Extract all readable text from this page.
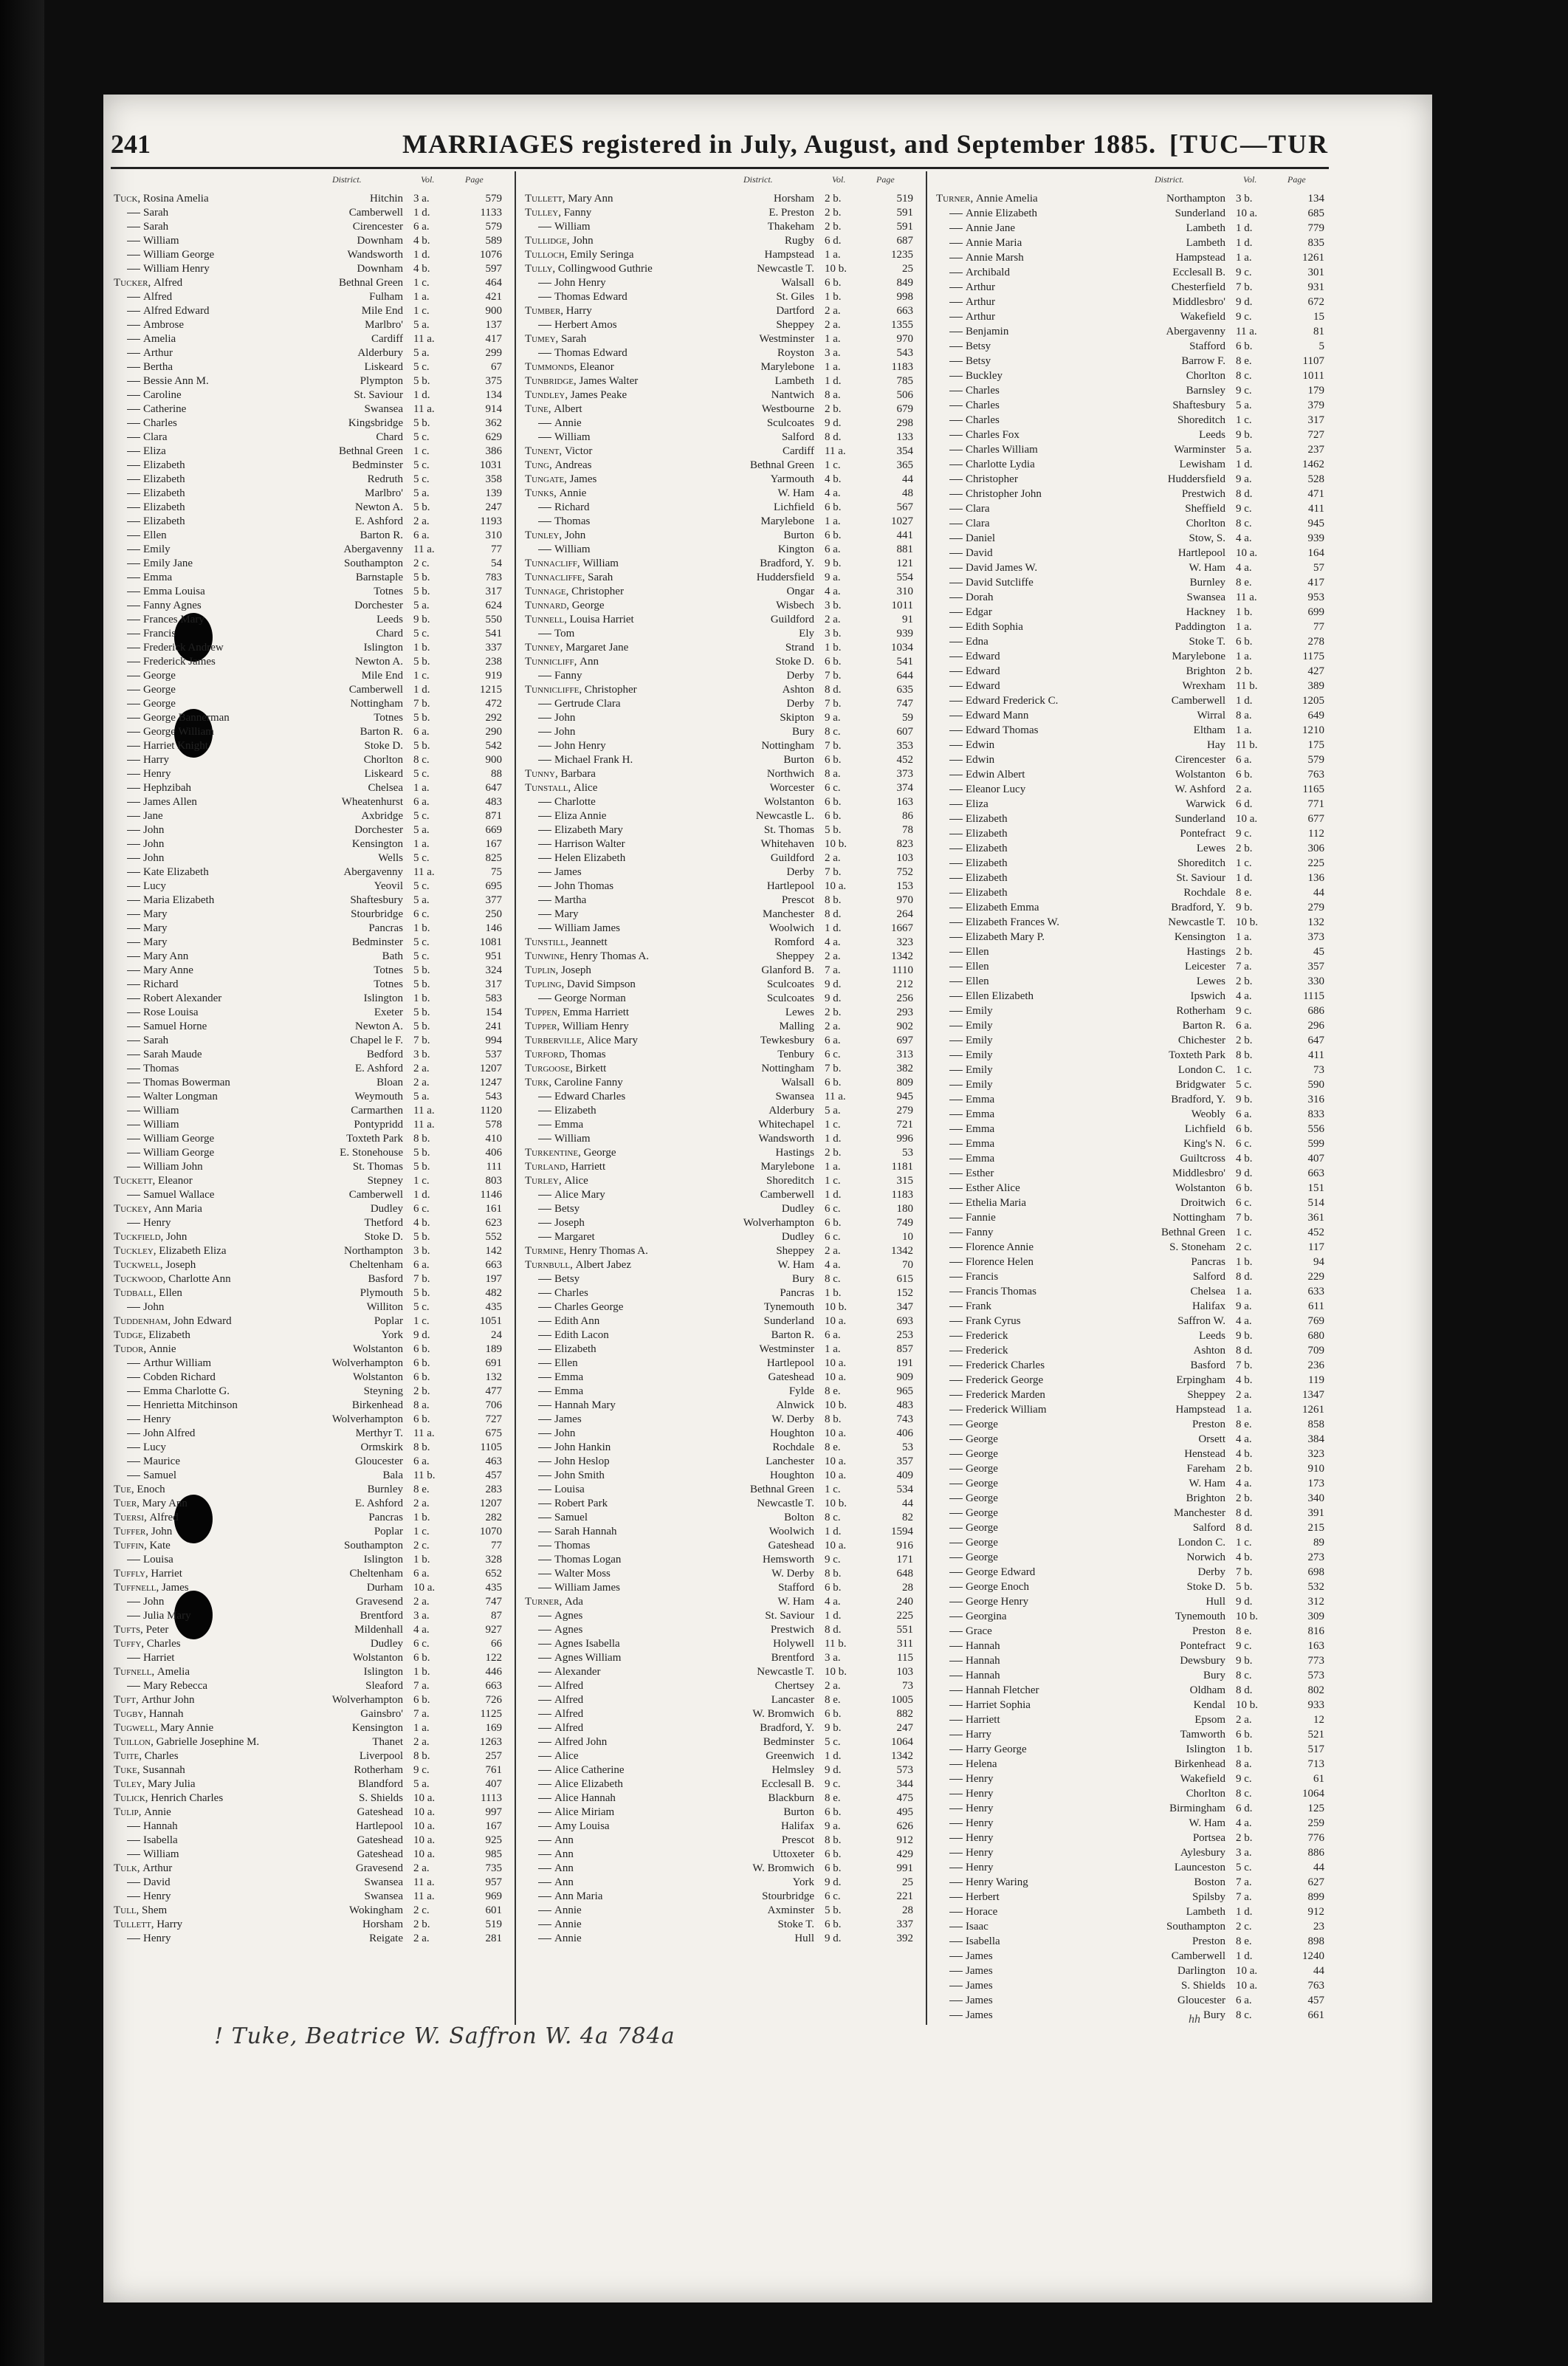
241	MARRIAGES registered in July, August, and September 1885. [TUC—TUR
District.	Vol.	Page
Tuck, Rosina Amelia	Hitchin 3 a.	579
Sarah	Camberwell 1 d.	1133
Sarah	Cirencester 6 a.	579
William	Downham 4 b.	589
William George	Wandsworth 1 d.	1076
William Henry	Downham 4 b.	597
Tucker, Alfred	Bethnal Green 1 c.	464
Alfred	Fulham 1 a.	421
Alfred Edward	Mile End 1 c.	900
Ambrose	Marlbro' 5 a.	137
Amelia	Cardiff 11 a.	417
Arthur	Alderbury 5 a.	299
Bertha	Liskeard 5 c.	67
Bessie Ann M.	Plympton 5 b.	375
Caroline	St. Saviour 1 d.	134
Catherine	Swansea 11 a.	914
Charles	Kingsbridge 5 b.	362
Clara	Chard 5 c.	629
Eliza	Bethnal Green 1 c.	386
Elizabeth	Bedminster 5 c.	1031
Elizabeth	Redruth 5 c.	358
Elizabeth	Marlbro' 5 a.	139
Elizabeth	Newton A. 5 b.	247
Elizabeth	E. Ashford 2 a.	1193
Ellen	Barton R. 6 a.	310
Emily	Abergavenny 11 a.	77
Emily Jane	Southampton 2 c.	54
Emma	Barnstaple 5 b.	783
Emma Louisa	Totnes 5 b.	317
Fanny Agnes	Dorchester 5 a.	624
Frances Mary	Leeds 9 b.	550
Francis	Chard 5 c.	541
Frederick Andrew	Islington 1 b.	337
Frederick James	Newton A. 5 b.	238
George	Mile End 1 c.	919
George	Camberwell 1 d.	1215
George	Nottingham 7 b.	472
George Bannerman	Totnes 5 b.	292
George William	Barton R. 6 a.	290
Harriet Knight	Stoke D. 5 b.	542
Harry	Chorlton 8 c.	900
Henry	Liskeard 5 c.	88
Hephzibah	Chelsea 1 a.	647
James Allen	Wheatenhurst 6 a.	483
Jane	Axbridge 5 c.	871
John	Dorchester 5 a.	669
John	Kensington 1 a.	167
John	Wells 5 c.	825
Kate Elizabeth	Abergavenny 11 a.	75
Lucy	Yeovil 5 c.	695
Maria Elizabeth	Shaftesbury 5 a.	377
Mary	Stourbridge 6 c.	250
Mary	Pancras 1 b.	146
Mary	Bedminster 5 c.	1081
Mary Ann	Bath 5 c.	951
Mary Anne	Totnes 5 b.	324
Richard	Totnes 5 b.	317
Robert Alexander	Islington 1 b.	583
Rose Louisa	Exeter 5 b.	154
Samuel Horne	Newton A. 5 b.	241
Sarah	Chapel le F. 7 b.	994
Sarah Maude	Bedford 3 b.	537
Thomas	E. Ashford 2 a.	1207
Thomas Bowerman	Bloan 2 a.	1247
Walter Longman	Weymouth 5 a.	543
William	Carmarthen 11 a.	1120
William	Pontypridd 11 a.	578
William George	Toxteth Park 8 b.	410
William George	E. Stonehouse 5 b.	406
William John	St. Thomas 5 b.	111
Tuckett, Eleanor	Stepney 1 c.	803
Samuel Wallace	Camberwell 1 d.	1146
Tuckey, Ann Maria	Dudley 6 c.	161
Henry	Thetford 4 b.	623
Tuckfield, John	Stoke D. 5 b.	552
Tuckley, Elizabeth Eliza	Northampton 3 b.	142
Tuckwell, Joseph	Cheltenham 6 a.	663
Tuckwood, Charlotte Ann	Basford 7 b.	197
Tudball, Ellen	Plymouth 5 b.	482
John	Williton 5 c.	435
Tuddenham, John Edward	Poplar 1 c.	1051
Tudge, Elizabeth	York 9 d.	24
Tudor, Annie	Wolstanton 6 b.	189
Arthur William	Wolverhampton 6 b.	691
Cobden Richard	Wolstanton 6 b.	132
Emma Charlotte G.	Steyning 2 b.	477
Henrietta Mitchinson	Birkenhead 8 a.	706
Henry	Wolverhampton 6 b.	727
John Alfred	Merthyr T. 11 a.	675
Lucy	Ormskirk 8 b.	1105
Maurice	Gloucester 6 a.	463
Samuel	Bala 11 b.	457
Tue, Enoch	Burnley 8 e.	283
Tuer, Mary Ann	E. Ashford 2 a.	1207
Tuersi, Alfred	Pancras 1 b.	282
Tuffer, John	Poplar 1 c.	1070
Tuffin, Kate	Southampton 2 c.	77
Louisa	Islington 1 b.	328
Tuffly, Harriet	Cheltenham 6 a.	652
Tuffnell, James	Durham 10 a.	435
John	Gravesend 2 a.	747
Julia Mary	Brentford 3 a.	87
Tufts, Peter	Mildenhall 4 a.	927
Tuffy, Charles	Dudley 6 c.	66
Harriet	Wolstanton 6 b.	122
Tufnell, Amelia	Islington 1 b.	446
Mary Rebecca	Sleaford 7 a.	663
Tuft, Arthur John	Wolverhampton 6 b.	726
Tugby, Hannah	Gainsbro' 7 a.	1125
Tugwell, Mary Annie	Kensington 1 a.	169
Tuillon, Gabrielle Josephine M.	Thanet 2 a.	1263
Tuite, Charles	Liverpool 8 b.	257
Tuke, Susannah	Rotherham 9 c.	761
Tuley, Mary Julia	Blandford 5 a.	407
Tulick, Henrich Charles	S. Shields 10 a.	1113
Tulip, Annie	Gateshead 10 a.	997
Hannah	Hartlepool 10 a.	167
Isabella	Gateshead 10 a.	925
William	Gateshead 10 a.	985
Tulk, Arthur	Gravesend 2 a.	735
David	Swansea 11 a.	957
Henry	Swansea 11 a.	969
Tull, Shem	Wokingham 2 c.	601
Tullett, Harry	Horsham 2 b.	519
Henry	Reigate 2 a.	281
District.	Vol.	Page
Tullett, Mary Ann	Horsham 2 b.	519
Tulley, Fanny	E. Preston 2 b.	591
William	Thakeham 2 b.	591
Tullidge, John	Rugby 6 d.	687
Tulloch, Emily Seringa	Hampstead 1 a.	1235
Tully, Collingwood Guthrie	Newcastle T. 10 b.	25
John Henry	Walsall 6 b.	849
Thomas Edward	St. Giles 1 b.	998
Tumber, Harry	Dartford 2 a.	663
Herbert Amos	Sheppey 2 a.	1355
Tumey, Sarah	Westminster 1 a.	970
Thomas Edward	Royston 3 a.	543
Tummonds, Eleanor	Marylebone 1 a.	1183
Tunbridge, James Walter	Lambeth 1 d.	785
Tundley, James Peake	Nantwich 8 a.	506
Tune, Albert	Westbourne 2 b.	679
Annie	Sculcoates 9 d.	298
William	Salford 8 d.	133
Tunent, Victor	Cardiff 11 a.	354
Tung, Andreas	Bethnal Green 1 c.	365
Tungate, James	Yarmouth 4 b.	44
Tunks, Annie	W. Ham 4 a.	48
Richard	Lichfield 6 b.	567
Thomas	Marylebone 1 a.	1027
Tunley, John	Burton 6 b.	441
William	Kington 6 a.	881
Tunnacliff, William	Bradford, Y. 9 b.	121
Tunnacliffe, Sarah	Huddersfield 9 a.	554
Tunnage, Christopher	Ongar 4 a.	310
Tunnard, George	Wisbech 3 b.	1011
Tunnell, Louisa Harriet	Guildford 2 a.	91
Tom	Ely 3 b.	939
Tunney, Margaret Jane	Strand 1 b.	1034
Tunnicliff, Ann	Stoke D. 6 b.	541
Fanny	Derby 7 b.	644
Tunnicliffe, Christopher	Ashton 8 d.	635
Gertrude Clara	Derby 7 b.	747
John	Skipton 9 a.	59
John	Bury 8 c.	607
John Henry	Nottingham 7 b.	353
Michael Frank H.	Burton 6 b.	452
Tunny, Barbara	Northwich 8 a.	373
Tunstall, Alice	Worcester 6 c.	374
Charlotte	Wolstanton 6 b.	163
Eliza Annie	Newcastle L. 6 b.	86
Elizabeth Mary	St. Thomas 5 b.	78
Harrison Walter	Whitehaven 10 b.	823
Helen Elizabeth	Guildford 2 a.	103
James	Derby 7 b.	752
John Thomas	Hartlepool 10 a.	153
Martha	Prescot 8 b.	970
Mary	Manchester 8 d.	264
William James	Woolwich 1 d.	1667
Tunstill, Jeannett	Romford 4 a.	323
Tunwine, Henry Thomas A.	Sheppey 2 a.	1342
Tuplin, Joseph	Glanford B. 7 a.	1110
Tupling, David Simpson	Sculcoates 9 d.	212
George Norman	Sculcoates 9 d.	256
Tuppen, Emma Harriett	Lewes 2 b.	293
Tupper, William Henry	Malling 2 a.	902
Turberville, Alice Mary	Tewkesbury 6 a.	697
Turford, Thomas	Tenbury 6 c.	313
Turgoose, Birkett	Nottingham 7 b.	382
Turk, Caroline Fanny	Walsall 6 b.	809
Edward Charles	Swansea 11 a.	945
Elizabeth	Alderbury 5 a.	279
Emma	Whitechapel 1 c.	721
William	Wandsworth 1 d.	996
Turkentine, George	Hastings 2 b.	53
Turland, Harriett	Marylebone 1 a.	1181
Turley, Alice	Shoreditch 1 c.	315
Alice Mary	Camberwell 1 d.	1183
Betsy	Dudley 6 c.	180
Joseph	Wolverhampton 6 b.	749
Margaret	Dudley 6 c.	10
Turmine, Henry Thomas A.	Sheppey 2 a.	1342
Turnbull, Albert Jabez	W. Ham 4 a.	70
Betsy	Bury 8 c.	615
Charles	Pancras 1 b.	152
Charles George	Tynemouth 10 b.	347
Edith Ann	Sunderland 10 a.	693
Edith Lacon	Barton R. 6 a.	253
Elizabeth	Westminster 1 a.	857
Ellen	Hartlepool 10 a.	191
Emma	Gateshead 10 a.	909
Emma	Fylde 8 e.	965
Hannah Mary	Alnwick 10 b.	483
James	W. Derby 8 b.	743
John	Houghton 10 a.	406
John Hankin	Rochdale 8 e.	53
John Heslop	Lanchester 10 a.	357
John Smith	Houghton 10 a.	409
Louisa	Bethnal Green 1 c.	534
Robert Park	Newcastle T. 10 b.	44
Samuel	Bolton 8 c.	82
Sarah Hannah	Woolwich 1 d.	1594
Thomas	Gateshead 10 a.	916
Thomas Logan	Hemsworth 9 c.	171
Walter Moss	W. Derby 8 b.	648
William James	Stafford 6 b.	28
Turner, Ada	W. Ham 4 a.	240
Agnes	St. Saviour 1 d.	225
Agnes	Prestwich 8 d.	551
Agnes Isabella	Holywell 11 b.	311
Agnes William	Brentford 3 a.	115
Alexander	Newcastle T. 10 b.	103
Alfred	Chertsey 2 a.	73
Alfred	Lancaster 8 e.	1005
Alfred	W. Bromwich 6 b.	882
Alfred	Bradford, Y. 9 b.	247
Alfred John	Bedminster 5 c.	1064
Alice	Greenwich 1 d.	1342
Alice Catherine	Helmsley 9 d.	573
Alice Elizabeth	Ecclesall B. 9 c.	344
Alice Hannah	Blackburn 8 e.	475
Alice Miriam	Burton 6 b.	495
Amy Louisa	Halifax 9 a.	626
Ann	Prescot 8 b.	912
Ann	Uttoxeter 6 b.	429
Ann	W. Bromwich 6 b.	991
Ann	York 9 d.	25
Ann Maria	Stourbridge 6 c.	221
Annie	Axminster 5 b.	28
Annie	Stoke T. 6 b.	337
Annie	Hull 9 d.	392
District.	Vol.	Page
Turner, Annie Amelia	Northampton 3 b.	134
Annie Elizabeth	Sunderland 10 a.	685
Annie Jane	Lambeth 1 d.	779
Annie Maria	Lambeth 1 d.	835
Annie Marsh	Hampstead 1 a.	1261
Archibald	Ecclesall B. 9 c.	301
Arthur	Chesterfield 7 b.	931
Arthur	Middlesbro' 9 d.	672
Arthur	Wakefield 9 c.	15
Benjamin	Abergavenny 11 a.	81
Betsy	Stafford 6 b.	5
Betsy	Barrow F. 8 e.	1107
Buckley	Chorlton 8 c.	1011
Charles	Barnsley 9 c.	179
Charles	Shaftesbury 5 a.	379
Charles	Shoreditch 1 c.	317
Charles Fox	Leeds 9 b.	727
Charles William	Warminster 5 a.	237
Charlotte Lydia	Lewisham 1 d.	1462
Christopher	Huddersfield 9 a.	528
Christopher John	Prestwich 8 d.	471
Clara	Sheffield 9 c.	411
Clara	Chorlton 8 c.	945
Daniel	Stow, S. 4 a.	939
David	Hartlepool 10 a.	164
David James W.	W. Ham 4 a.	57
David Sutcliffe	Burnley 8 e.	417
Dorah	Swansea 11 a.	953
Edgar	Hackney 1 b.	699
Edith Sophia	Paddington 1 a.	77
Edna	Stoke T. 6 b.	278
Edward	Marylebone 1 a.	1175
Edward	Brighton 2 b.	427
Edward	Wrexham 11 b.	389
Edward Frederick C.	Camberwell 1 d.	1205
Edward Mann	Wirral 8 a.	649
Edward Thomas	Eltham 1 a.	1210
Edwin	Hay 11 b.	175
Edwin	Cirencester 6 a.	579
Edwin Albert	Wolstanton 6 b.	763
Eleanor Lucy	W. Ashford 2 a.	1165
Eliza	Warwick 6 d.	771
Elizabeth	Sunderland 10 a.	677
Elizabeth	Pontefract 9 c.	112
Elizabeth	Lewes 2 b.	306
Elizabeth	Shoreditch 1 c.	225
Elizabeth	St. Saviour 1 d.	136
Elizabeth	Rochdale 8 e.	44
Elizabeth Emma	Bradford, Y. 9 b.	279
Elizabeth Frances W.	Newcastle T. 10 b.	132
Elizabeth Mary P.	Kensington 1 a.	373
Ellen	Hastings 2 b.	45
Ellen	Leicester 7 a.	357
Ellen	Lewes 2 b.	330
Ellen Elizabeth	Ipswich 4 a.	1115
Emily	Rotherham 9 c.	686
Emily	Barton R. 6 a.	296
Emily	Chichester 2 b.	647
Emily	Toxteth Park 8 b.	411
Emily	London C. 1 c.	73
Emily	Bridgwater 5 c.	590
Emma	Bradford, Y. 9 b.	316
Emma	Weobly 6 a.	833
Emma	Lichfield 6 b.	556
Emma	King's N. 6 c.	599
Emma	Guiltcross 4 b.	407
Esther	Middlesbro' 9 d.	663
Esther Alice	Wolstanton 6 b.	151
Ethelia Maria	Droitwich 6 c.	514
Fannie	Nottingham 7 b.	361
Fanny	Bethnal Green 1 c.	452
Florence Annie	S. Stoneham 2 c.	117
Florence Helen	Pancras 1 b.	94
Francis	Salford 8 d.	229
Francis Thomas	Chelsea 1 a.	633
Frank	Halifax 9 a.	611
Frank Cyrus	Saffron W. 4 a.	769
Frederick	Leeds 9 b.	680
Frederick	Ashton 8 d.	709
Frederick Charles	Basford 7 b.	236
Frederick George	Erpingham 4 b.	119
Frederick Marden	Sheppey 2 a.	1347
Frederick William	Hampstead 1 a.	1261
George	Preston 8 e.	858
George	Orsett 4 a.	384
George	Henstead 4 b.	323
George	Fareham 2 b.	910
George	W. Ham 4 a.	173
George	Brighton 2 b.	340
George	Manchester 8 d.	391
George	Salford 8 d.	215
George	London C. 1 c.	89
George	Norwich 4 b.	273
George Edward	Derby 7 b.	698
George Enoch	Stoke D. 5 b.	532
George Henry	Hull 9 d.	312
Georgina	Tynemouth 10 b.	309
Grace	Preston 8 e.	816
Hannah	Pontefract 9 c.	163
Hannah	Dewsbury 9 b.	773
Hannah	Bury 8 c.	573
Hannah Fletcher	Oldham 8 d.	802
Harriet Sophia	Kendal 10 b.	933
Harriett	Epsom 2 a.	12
Harry	Tamworth 6 b.	521
Harry George	Islington 1 b.	517
Helena	Birkenhead 8 a.	713
Henry	Wakefield 9 c.	61
Henry	Chorlton 8 c.	1064
Henry	Birmingham 6 d.	125
Henry	W. Ham 4 a.	259
Henry	Portsea 2 b.	776
Henry	Aylesbury 3 a.	886
Henry	Launceston 5 c.	44
Henry Waring	Boston 7 a.	627
Herbert	Spilsby 7 a.	899
Horace	Lambeth 1 d.	912
Isaac	Southampton 2 c.	23
Isabella	Preston 8 e.	898
James	Camberwell 1 d.	1240
James	Darlington 10 a.	44
James	S. Shields 10 a.	763
James	Gloucester 6 a.	457
James	Bury 8 c.	661
! Tuke, Beatrice W. Saffron W. 4a 784a
hh
